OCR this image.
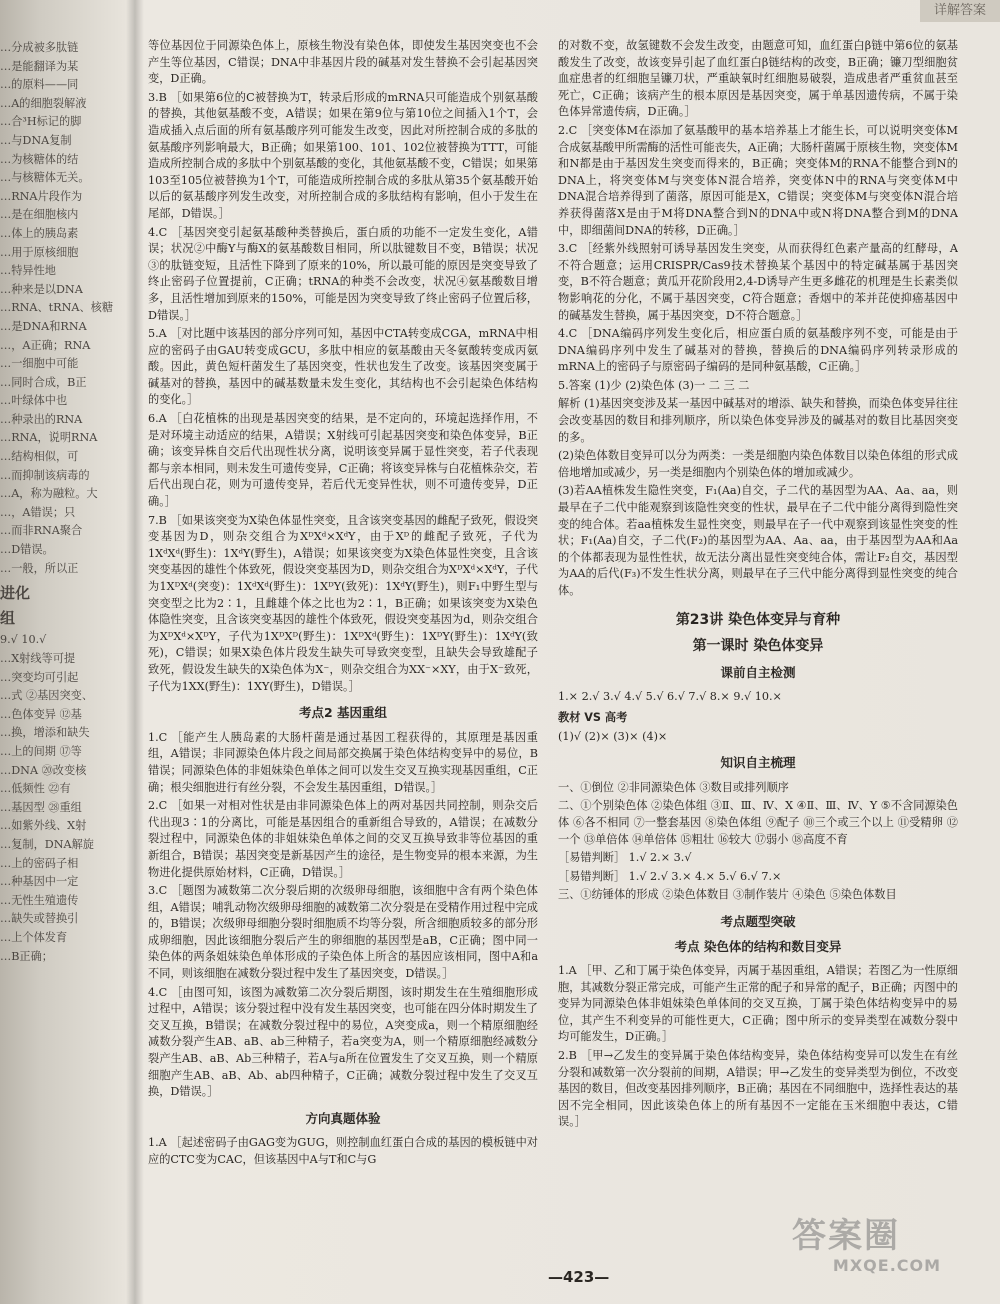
详解答案

…分成被多肽链

…是能翻译为某

…的原料——同

…A的细胞裂解液

…合³H标记的脚

…与DNA复制

…为核糖体的结

…与核糖体无关。

…RNA片段作为

…是在细胞核内

…体上的胰岛素

…用于原核细胞

…特异性地

…种来是以DNA

…RNA、tRNA、核糖

…是DNA和RNA

…，A正确；RNA

…一细胞中可能

…同时合成，B正

…叶绿体中也

…种录出的RNA

…RNA，说明RNA

…结构相似，可

…而抑制该病毒的

…A，称为融粒。大

…，A错误；只

…而非RNA聚合

…D错误。

…一般，所以正

进化

组

9.√ 10.√

…X射线等可提

…突变均可引起

…式 ②基因突变、

…色体变异 ⑫基

…换，增添和缺失

…上的间期 ⑰等

…DNA ⑳改变核

…低频性 ㉒有

…基因型 ㉘重组

…如紫外线、X射

…复制，DNA解旋

…上的密码子相

…种基因中一定

…无性生殖遗传

…缺失或替换引

…上个体发育

…B正确；

等位基因位于同源染色体上，原核生物没有染色体，即使发生基因突变也不会产生等位基因，C错误；DNA中非基因片段的碱基对发生替换不会引起基因突变，D正确。

3.B ［如果第6位的C被替换为T，转录后形成的mRNA只可能造成个别氨基酸的替换，其他氨基酸不变，A错误；如果在第9位与第10位之间插入1个T，会造成插入点后面的所有氨基酸序列可能发生改变，因此对所控制合成的多肽的氨基酸序列影响最大，B正确；如果第100、101、102位被替换为TTT，可能造成所控制合成的多肽中个别氨基酸的变化，其他氨基酸不变，C错误；如果第103至105位被替换为1个T，可能造成所控制合成的多肽从第35个氨基酸开始以后的氨基酸序列发生改变，对所控制合成的多肽结构有影响，但小于发生在尾部，D错误。］

4.C ［基因突变引起氨基酸种类替换后，蛋白质的功能不一定发生变化，A错误；状况②中酶Y与酶X的氨基酸数目相同，所以肽键数目不变，B错误；状况③的肽链变短，且活性下降到了原来的10%，所以最可能的原因是突变导致了终止密码子位置提前，C正确；tRNA的种类不会改变，状况④氨基酸数目增多，且活性增加到原来的150%，可能是因为突变导致了终止密码子位置后移，D错误。］

5.A ［对比题中该基因的部分序列可知，基因中CTA转变成CGA，mRNA中相应的密码子由GAU转变成GCU，多肽中相应的氨基酸由天冬氨酸转变成丙氨酸。因此，黄色短杆菌发生了基因突变，性状也发生了改变。该基因突变属于碱基对的替换，基因中的碱基数量未发生变化，其结构也不会引起染色体结构的变化。］

6.A ［白花植株的出现是基因突变的结果，是不定向的，环境起选择作用，不是对环境主动适应的结果，A错误；X射线可引起基因突变和染色体变异，B正确；该变异株自交后代出现性状分离，说明该变异属于显性突变，若子代表现都与亲本相同，则未发生可遗传变异，C正确；将该变异株与白花植株杂交，若后代出现白花，则为可遗传变异，若后代无变异性状，则不可遗传变异，D正确。］

7.B ［如果该突变为X染色体显性突变，且含该突变基因的雌配子致死，假设突变基因为D，则杂交组合为XᴰXᵈ×XᵈY，由于Xᴰ的雌配子致死，子代为1XᵈXᵈ(野生)：1XᵈY(野生)，A错误；如果该突变为X染色体显性突变，且含该突变基因的雄性个体致死，假设突变基因为D，则杂交组合为XᴰXᵈ×XᵈY，子代为1XᴰXᵈ(突变)：1XᵈXᵈ(野生)：1XᴰY(致死)：1XᵈY(野生)，则F₁中野生型与突变型之比为2∶1，且雌雄个体之比也为2∶1，B正确；如果该突变为X染色体隐性突变，且含该突变基因的雄性个体致死，假设突变基因为d，则杂交组合为XᴰXᵈ×XᴰY，子代为1XᴰXᴰ(野生)：1XᴰXᵈ(野生)：1XᴰY(野生)：1XᵈY(致死)，C错误；如果X染色体片段发生缺失可导致突变型，且缺失会导致雄配子致死，假设发生缺失的X染色体为X⁻，则杂交组合为XX⁻×XY，由于X⁻致死，子代为1XX(野生)：1XY(野生)，D错误。］

考点2 基因重组

1.C ［能产生人胰岛素的大肠杆菌是通过基因工程获得的，其原理是基因重组，A错误；非同源染色体片段之间局部交换属于染色体结构变异中的易位，B错误；同源染色体的非姐妹染色单体之间可以发生交叉互换实现基因重组，C正确；根尖细胞进行有丝分裂，不会发生基因重组，D错误。］

2.C ［如果一对相对性状是由非同源染色体上的两对基因共同控制，则杂交后代出现3∶1的分离比，可能是基因组合的重新组合导致的，A错误；在减数分裂过程中，同源染色体的非姐妹染色单体之间的交叉互换导致非等位基因的重新组合，B错误；基因突变是新基因产生的途径，是生物变异的根本来源，为生物进化提供原始材料，C正确，D错误。］

3.C ［题图为减数第二次分裂后期的次级卵母细胞，该细胞中含有两个染色体组，A错误；哺乳动物次级卵母细胞的减数第二次分裂是在受精作用过程中完成的，B错误；次级卵母细胞分裂时细胞质不均等分裂，所含细胞质较多的部分形成卵细胞，因此该细胞分裂后产生的卵细胞的基因型是aB，C正确；图中同一染色体的两条姐妹染色单体形成的子染色体上所含的基因应该相同，图中A和a不同，则该细胞在减数分裂过程中发生了基因突变，D错误。］

4.C ［由图可知，该图为减数第二次分裂后期图，该时期发生在生殖细胞形成过程中，A错误；该分裂过程中没有发生基因突变，也可能在四分体时期发生了交叉互换，B错误；在减数分裂过程中的易位，A突变成a，则一个精原细胞经减数分裂产生AB、aB、ab三种精子，若a突变为A，则一个精原细胞经减数分裂产生AB、aB、Ab三种精子，若A与a所在位置发生了交叉互换，则一个精原细胞产生AB、aB、Ab、ab四种精子，C正确；减数分裂过程中发生了交叉互换，D错误。］

方向真题体验

1.A ［起述密码子由GAG变为GUG，则控制血红蛋白合成的基因的模板链中对应的CTC变为CAC，但该基因中A与T和C与G

的对数不变，故氢键数不会发生改变，由题意可知，血红蛋白β链中第6位的氨基酸发生了改变，故该变异引起了血红蛋白β链结构的改变，B正确；镰刀型细胞贫血症患者的红细胞呈镰刀状，严重缺氧时红细胞易破裂，造成患者严重贫血甚至死亡，C正确；该病产生的根本原因是基因突变，属于单基因遗传病，不属于染色体异常遗传病，D正确。］

2.C ［突变体M在添加了氨基酸甲的基本培养基上才能生长，可以说明突变体M合成氨基酸甲所需酶的活性可能丧失，A正确；大肠杆菌属于原核生物，突变体M和N都是由于基因发生突变而得来的，B正确；突变体M的RNA不能整合到N的DNA上，将突变体M与突变体N混合培养，突变体N中的RNA与突变体M中DNA混合培养得到了菌落，原因可能是X，C错误；突变体M与突变体N混合培养获得菌落X是由于M将DNA整合到N的DNA中或N将DNA整合到M的DNA中，即细菌间DNA的转移，D正确。］

3.C ［经紫外线照射可诱导基因发生突变，从而获得红色素产量高的红酵母，A不符合题意；运用CRISPR/Cas9技术替换某个基因中的特定碱基属于基因突变，B不符合题意；黄瓜开花阶段用2,4-D诱导产生更多雌花的机理是生长素类似物影响花的分化，不属于基因突变，C符合题意；香烟中的苯并芘使抑癌基因中的碱基发生替换，属于基因突变，D不符合题意。］

4.C ［DNA编码序列发生变化后，相应蛋白质的氨基酸序列不变，可能是由于DNA编码序列中发生了碱基对的替换，替换后的DNA编码序列转录形成的mRNA上的密码子与原密码子编码的是同种氨基酸，C正确。］

5.答案 (1)少 (2)染色体 (3)一 二 三 二

解析 (1)基因突变涉及某一基因中碱基对的增添、缺失和替换，而染色体变异往往会改变基因的数目和排列顺序，所以染色体变异涉及的碱基对的数目比基因突变的多。

(2)染色体数目变异可以分为两类：一类是细胞内染色体数目以染色体组的形式成倍地增加或减少，另一类是细胞内个别染色体的增加或减少。

(3)若AA植株发生隐性突变，F₁(Aa)自交，子二代的基因型为AA、Aa、aa，则最早在子二代中能观察到该隐性突变的性状，最早在子二代中能分离得到隐性突变的纯合体。若aa植株发生显性突变，则最早在子一代中观察到该显性突变的性状；F₁(Aa)自交，子二代(F₂)的基因型为AA、Aa、aa，由于基因型为AA和Aa的个体都表现为显性性状，故无法分离出显性突变纯合体，需让F₂自交，基因型为AA的后代(F₃)不发生性状分离，则最早在子三代中能分离得到显性突变的纯合体。

第23讲 染色体变异与育种

第一课时 染色体变异

课前自主检测

1.× 2.√ 3.√ 4.√ 5.√ 6.√ 7.√ 8.× 9.√ 10.×

教材 VS 高考

(1)√ (2)× (3)× (4)×

知识自主梳理

一、①倒位 ②非同源染色体 ③数目或排列顺序

二、①个别染色体 ②染色体组 ③Ⅱ、Ⅲ、Ⅳ、X ④Ⅱ、Ⅲ、Ⅳ、Y ⑤不含同源染色体 ⑥各不相同 ⑦一整套基因 ⑧染色体组 ⑨配子 ⑩三个或三个以上 ⑪受精卵 ⑫一个 ⑬单倍体 ⑭单倍体 ⑮粗壮 ⑯较大 ⑰弱小 ⑱高度不育

［易错判断］ 1.√ 2.× 3.√

［易错判断］ 1.√ 2.√ 3.× 4.× 5.√ 6.√ 7.×

三、①纺锤体的形成 ②染色体数目 ③制作装片 ④染色 ⑤染色体数目

考点题型突破

考点 染色体的结构和数目变异

1.A ［甲、乙和丁属于染色体变异，丙属于基因重组，A错误；若图乙为一性原细胞，其减数分裂正常完成，可能产生正常的配子和异常的配子，B正确；丙图中的变异为同源染色体非姐妹染色单体间的交叉互换，丁属于染色体结构变异中的易位，其产生不利变异的可能性更大，C正确；图中所示的变异类型在减数分裂中均可能发生，D正确。］

2.B ［甲→乙发生的变异属于染色体结构变异，染色体结构变异可以发生在有丝分裂和减数第一次分裂前的间期，A错误；甲→乙发生的变异类型为倒位，不改变基因的数目，但改变基因排列顺序，B正确；基因在不同细胞中，选择性表达的基因不完全相同，因此该染色体上的所有基因不一定能在玉米细胞中表达，C错误。］

—423—
答案圈
MXQE.COM
